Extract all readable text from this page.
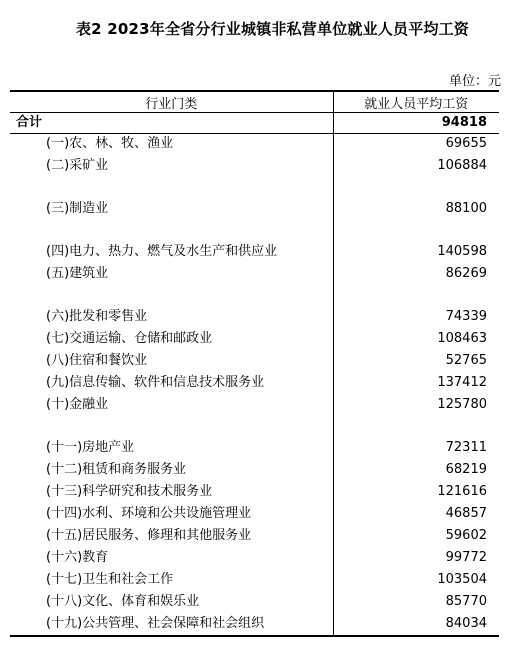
表2 2023年全省分行业城镇非私营单位就业人员平均工资
单位：元
行业门类	就业人员平均工资
合计	94818
(一)农、林、牧、渔业	69655
(二)采矿业	106884
(三)制造业	88100
(四)电力、热力、燃气及水生产和供应业	140598
(五)建筑业	86269
(六)批发和零售业	74339
(七)交通运输、仓储和邮政业	108463
(八)住宿和餐饮业	52765
(九)信息传输、软件和信息技术服务业	137412
(十)金融业	125780
(十一)房地产业	72311
(十二)租赁和商务服务业	68219
(十三)科学研究和技术服务业	121616
(十四)水利、环境和公共设施管理业	46857
(十五)居民服务、修理和其他服务业	59602
(十六)教育	99772
(十七)卫生和社会工作	103504
(十八)文化、体育和娱乐业	85770
(十九)公共管理、社会保障和社会组织	84034
